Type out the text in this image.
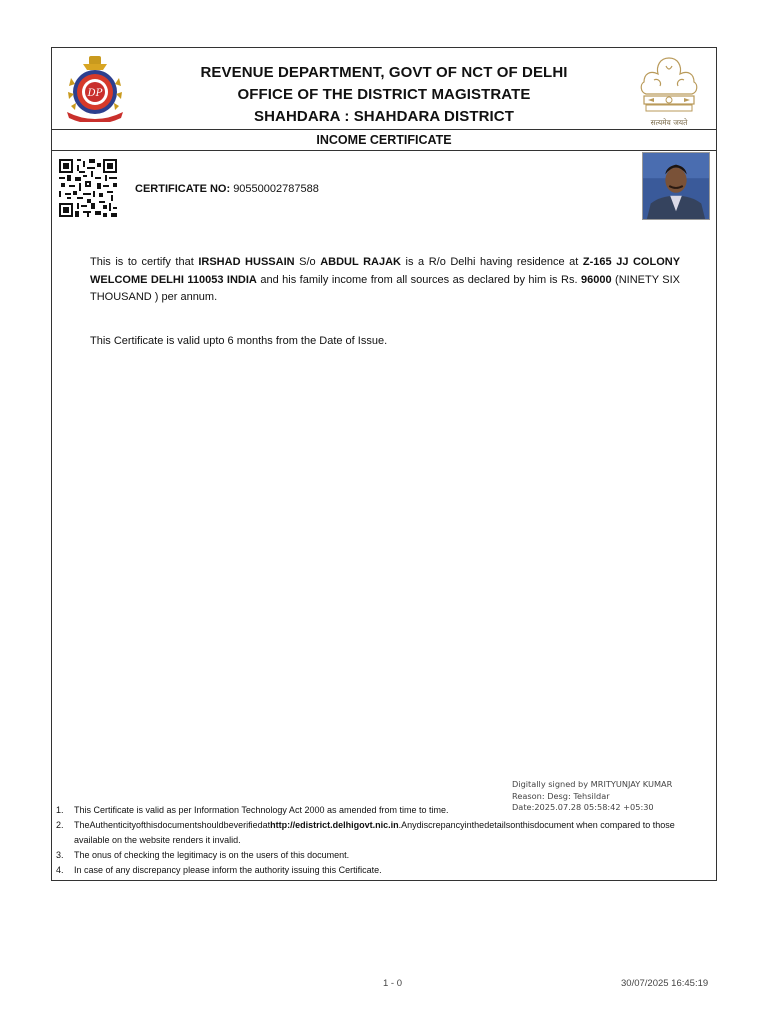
DP
REVENUE DEPARTMENT, GOVT OF NCT OF DELHI
OFFICE OF THE DISTRICT MAGISTRATE
SHAHDARA : SHAHDARA DISTRICT	सत्यमेव जयते
INCOME CERTIFICATE
CERTIFICATE NO: 90550002787588

This is to certify that IRSHAD HUSSAIN S/o ABDUL RAJAK is a R/o Delhi having residence at Z-165 JJ COLONY WELCOME DELHI 110053 INDIA and his family income from all sources as declared by him is Rs. 96000 (NINETY SIX THOUSAND ) per annum.

This Certificate is valid upto 6 months from the Date of Issue.
Digitally signed by MRITYUNJAY KUMAR
Reason: Desg: Tehsildar
Date:2025.07.28 05:58:42 +05:30
1.	This Certificate is valid as per Information Technology Act 2000 as amended from time to time.
2.	TheAuthenticityofthisdocumentshouldbeverifiedathttp://edistrict.delhigovt.nic.in.Anydiscrepancyinthedetailsonthisdocument when compared to those available on the website renders it invalid.
3.	The onus of checking the legitimacy is on the users of this document.
4.	In case of any discrepancy please inform the authority issuing this Certificate.
1 - 0	30/07/2025 16:45:19
